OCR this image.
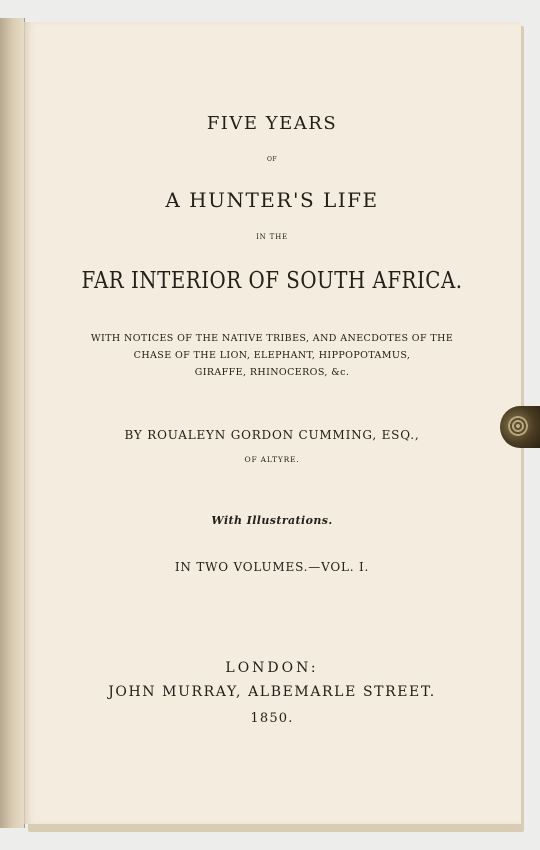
FIVE YEARS
OF
A HUNTER'S LIFE
IN THE
FAR INTERIOR OF SOUTH AFRICA.
WITH NOTICES OF THE NATIVE TRIBES, AND ANECDOTES OF THE
CHASE OF THE LION, ELEPHANT, HIPPOPOTAMUS,
GIRAFFE, RHINOCEROS, &c.
BY ROUALEYN GORDON CUMMING, ESQ.,
OF ALTYRE.
With Illustrations.
IN TWO VOLUMES.—VOL. I.
LONDON:
JOHN MURRAY, ALBEMARLE STREET.
1850.
